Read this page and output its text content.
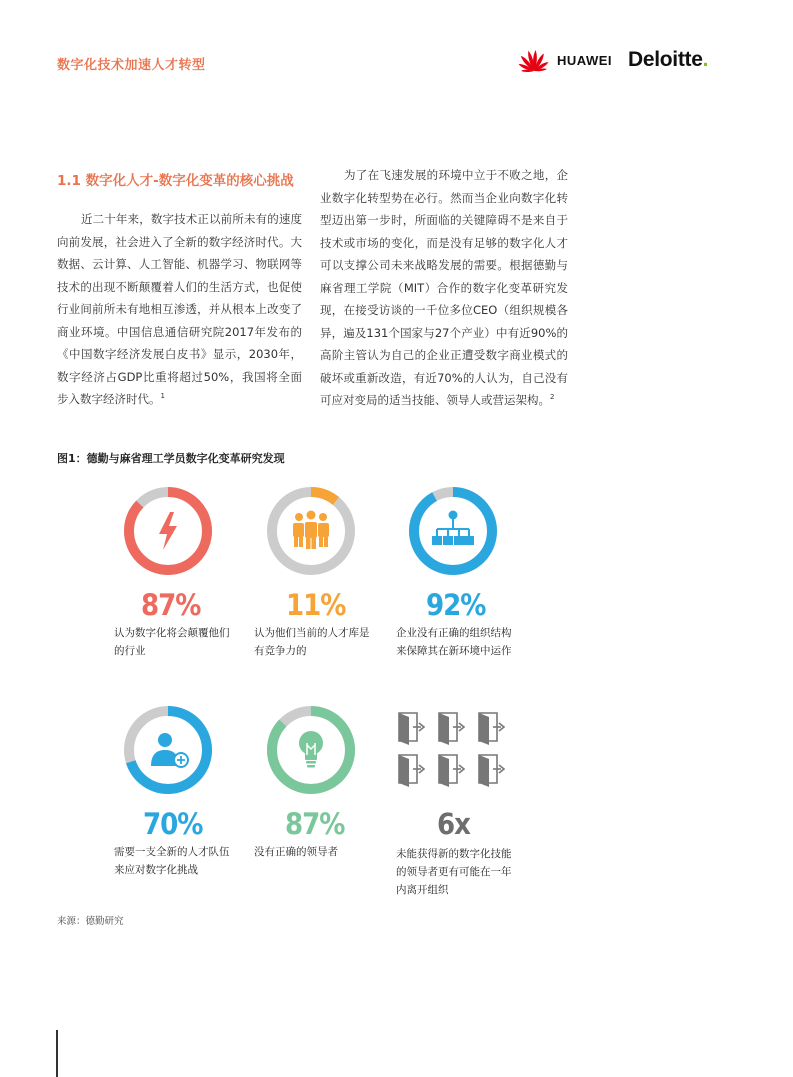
数字化技术加速人才转型	HUAWEI Deloitte.
1.1 数字化人才-数字化变革的核心挑战
近二十年来，数字技术正以前所未有的速度向前发展，社会进入了全新的数字经济时代。大数据、云计算、人工智能、机器学习、物联网等技术的出现不断颠覆着人们的生活方式，也促使行业间前所未有地相互渗透，并从根本上改变了商业环境。中国信息通信研究院2017年发布的《中国数字经济发展白皮书》显示，2030年，数字经济占GDP比重将超过50%，我国将全面步入数字经济时代。$^1$
为了在飞速发展的环境中立于不败之地，企业数字化转型势在必行。然而当企业向数字化转型迈出第一步时，所面临的关键障碍不是来自于技术或市场的变化，而是没有足够的数字化人才可以支撑公司未来战略发展的需要。根据德勤与麻省理工学院（MIT）合作的数字化变革研究发现，在接受访谈的一千位多位CEO（组织规模各异，遍及131个国家与27个产业）中有近90%的高阶主管认为自己的企业正遭受数字商业模式的破坏或重新改造，有近70%的人认为，自己没有可应对变局的适当技能、领导人或营运架构。$^2$
图1：德勤与麻省理工学员数字化变革研究发现
87%
认为数字化将会颠覆他们的行业
11%
认为他们当前的人才库是有竞争力的
92%
企业没有正确的组织结构来保障其在新环境中运作
70%
需要一支全新的人才队伍来应对数字化挑战
87%
没有正确的领导者
6x
未能获得新的数字化技能的领导者更有可能在一年内离开组织
来源：德勤研究
